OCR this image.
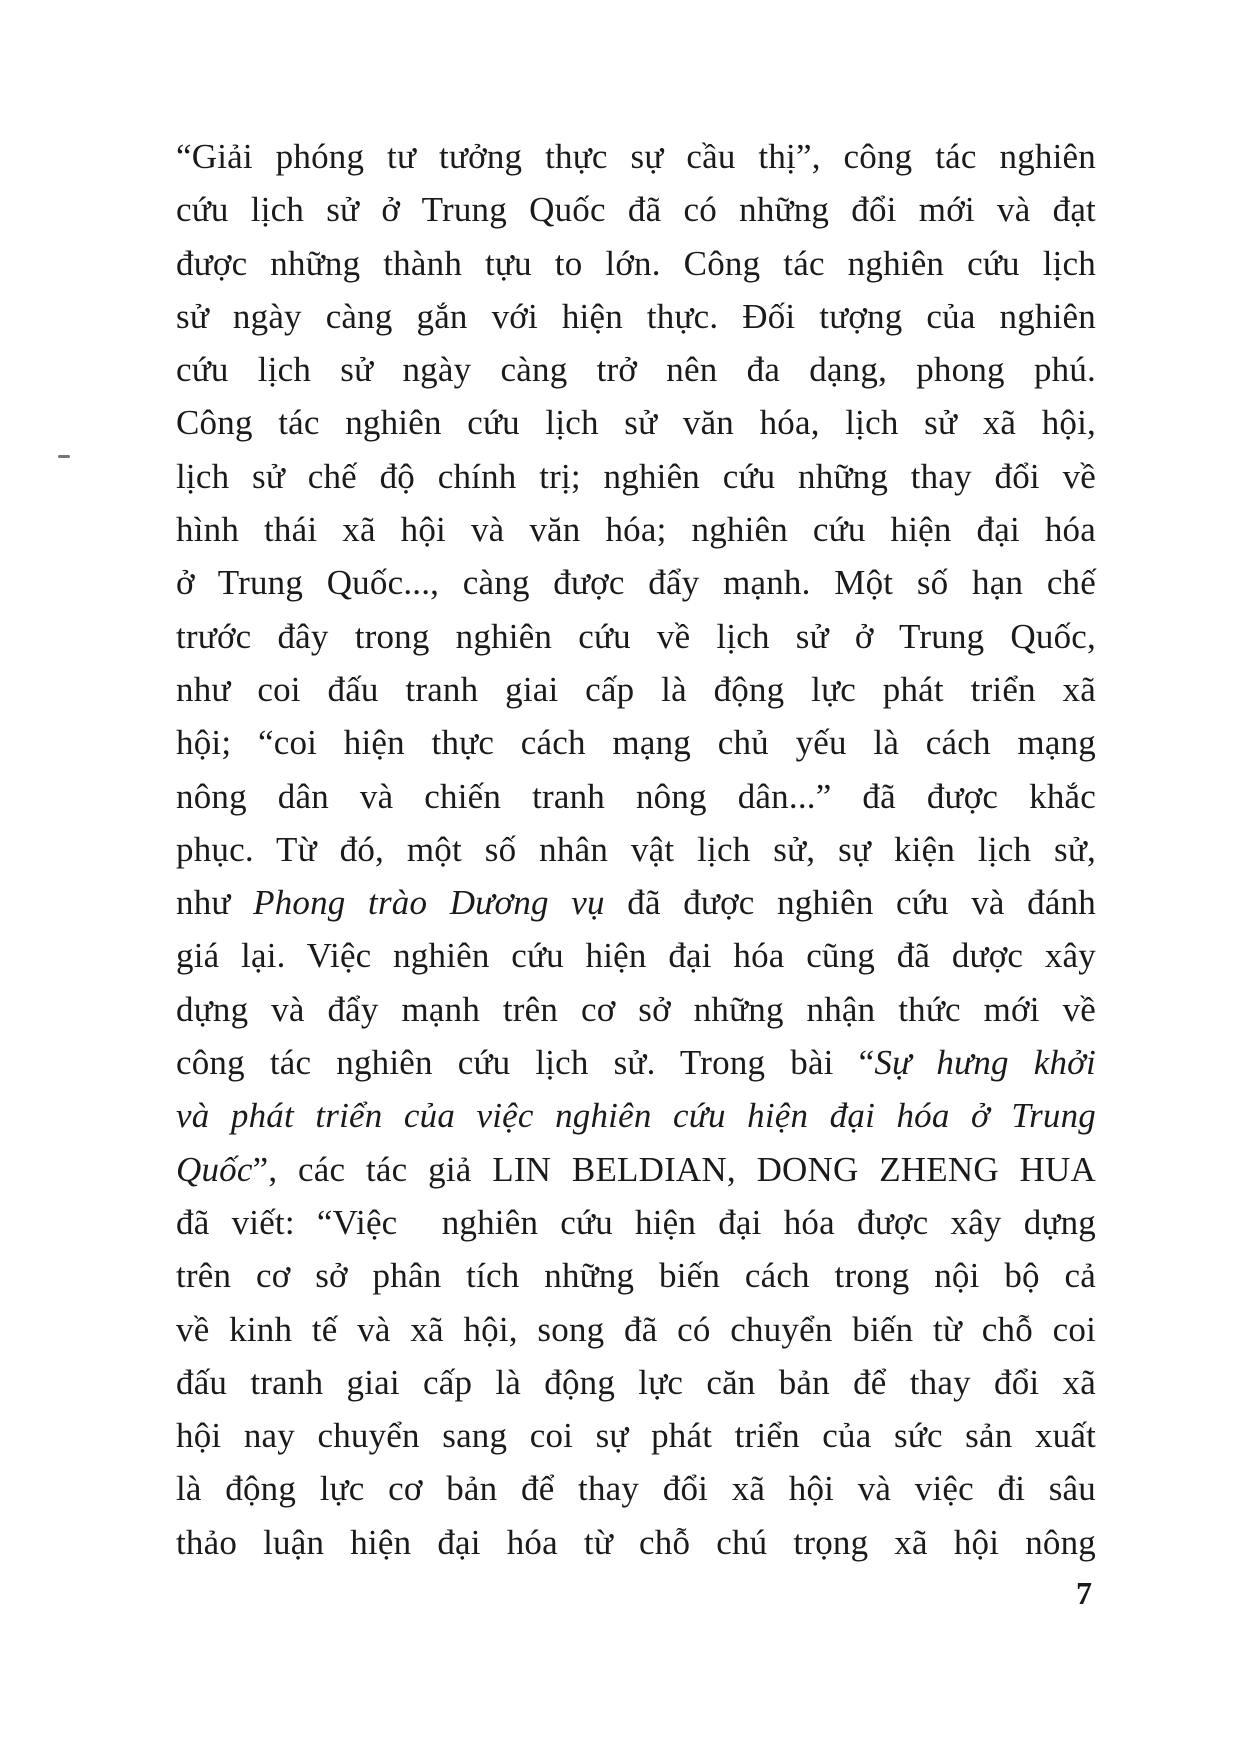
“Giải phóng tư tưởng thực sự cầu thị”, công tác nghiên
cứu lịch sử ở Trung Quốc đã có những đổi mới và đạt
được những thành tựu to lớn. Công tác nghiên cứu lịch
sử ngày càng gắn với hiện thực. Đối tượng của nghiên
cứu lịch sử ngày càng trở nên đa dạng, phong phú.
Công tác nghiên cứu lịch sử văn hóa, lịch sử xã hội,
lịch sử chế độ chính trị; nghiên cứu những thay đổi về
hình thái xã hội và văn hóa; nghiên cứu hiện đại hóa
ở Trung Quốc..., càng được đẩy mạnh. Một số hạn chế
trước đây trong nghiên cứu về lịch sử ở Trung Quốc,
như coi đấu tranh giai cấp là động lực phát triển xã
hội; “coi hiện thực cách mạng chủ yếu là cách mạng
nông dân và chiến tranh nông dân...” đã được khắc
phục. Từ đó, một số nhân vật lịch sử, sự kiện lịch sử,
như Phong trào Dương vụ đã được nghiên cứu và đánh
giá lại. Việc nghiên cứu hiện đại hóa cũng đã dược xây
dựng và đẩy mạnh trên cơ sở những nhận thức mới về
công tác nghiên cứu lịch sử. Trong bài “Sự hưng khởi
và phát triển của việc nghiên cứu hiện đại hóa ở Trung
Quốc”, các tác giả LIN BELDIAN, DONG ZHENG HUA
đã viết: “Việc  nghiên cứu hiện đại hóa được xây dựng
trên cơ sở phân tích những biến cách trong nội bộ cả
về kinh tế và xã hội, song đã có chuyển biến từ chỗ coi
đấu tranh giai cấp là động lực căn bản để thay đổi xã
hội nay chuyển sang coi sự phát triển của sức sản xuất
là động lực cơ bản để thay đổi xã hội và việc đi sâu
thảo luận hiện đại hóa từ chỗ chú trọng xã hội nông
7
